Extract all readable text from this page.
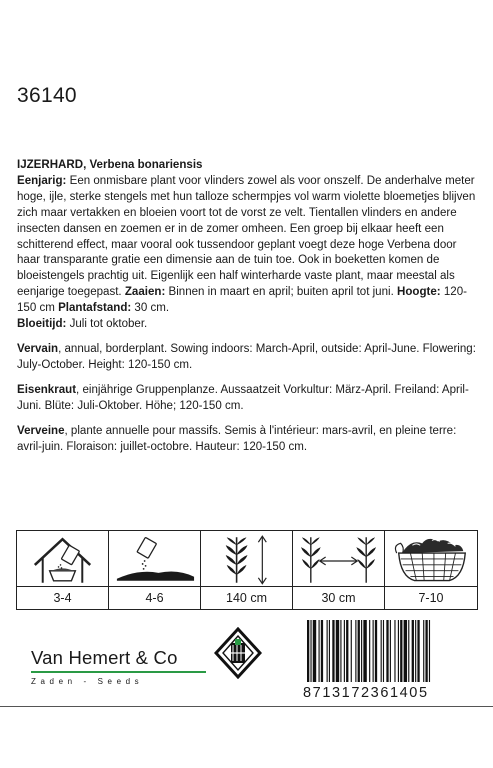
36140

IJZERHARD, Verbena bonariensis
Eenjarig: Een onmisbare plant voor vlinders zowel als voor onszelf. De anderhalve meter hoge, ijle, sterke stengels met hun talloze schermpjes vol warm violette bloemetjes blijven zich maar vertakken en bloeien voort tot de vorst ze velt. Tientallen vlinders en andere insecten dansen en zoemen er in de zomer omheen. Een groep bij elkaar heeft een schitterend effect, maar vooral ook tussendoor geplant voegt deze hoge Verbena door haar transparante gratie een dimensie aan de tuin toe. Ook in boeketten komen de bloeistengels prachtig uit. Eigenlijk een half winterharde vaste plant, maar meestal als eenjarige toegepast. Zaaien: Binnen in maart en april; buiten april tot juni. Hoogte: 120-150 cm Plantafstand: 30 cm.
Bloeitijd: Juli tot oktober.

Vervain, annual, borderplant. Sowing indoors: March-April, outside: April-June. Flowering: July-October. Height: 120-150 cm.

Eisenkraut, einjährige Gruppenplanze. Aussaatzeit Vorkultur: März-April. Freiland: April-Juni. Blüte: Juli-Oktober. Höhe; 120-150 cm.

Verveine, plante annuelle pour massifs. Semis à l'intérieur: mars-avril, en pleine terre: avril-juin. Floraison: juillet-octobre. Hauteur: 120-150 cm.

3-4	4-6	140 cm	30 cm	7-10
Van Hemert & Co
Zaden - Seeds
8713172361405
